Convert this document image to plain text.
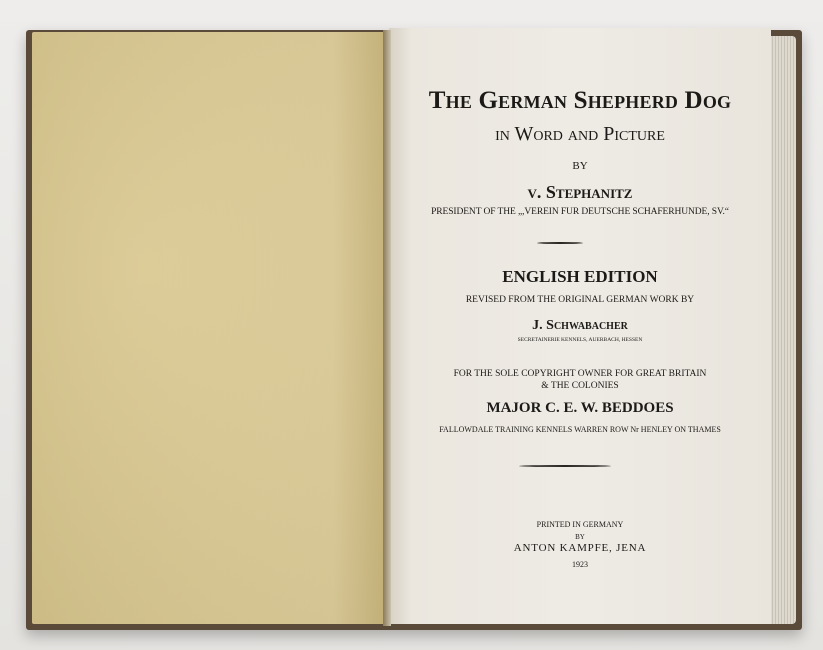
The German Shepherd Dog
in Word and Picture
BY
v. Stephanitz
PRESIDENT OF THE „,VEREIN FUR DEUTSCHE SCHAFERHUNDE, SV.“
ENGLISH EDITION
REVISED FROM THE ORIGINAL GERMAN WORK BY
J. Schwabacher
SECRETAINERIE KENNELS, AUERBACH, HESSEN
FOR THE SOLE COPYRIGHT OWNER FOR GREAT BRITAIN
& THE COLONIES
MAJOR C. E. W. BEDDOES
FALLOWDALE TRAINING KENNELS WARREN ROW Nr HENLEY ON THAMES
PRINTED IN GERMANY
BY
ANTON KAMPFE, JENA
1923
